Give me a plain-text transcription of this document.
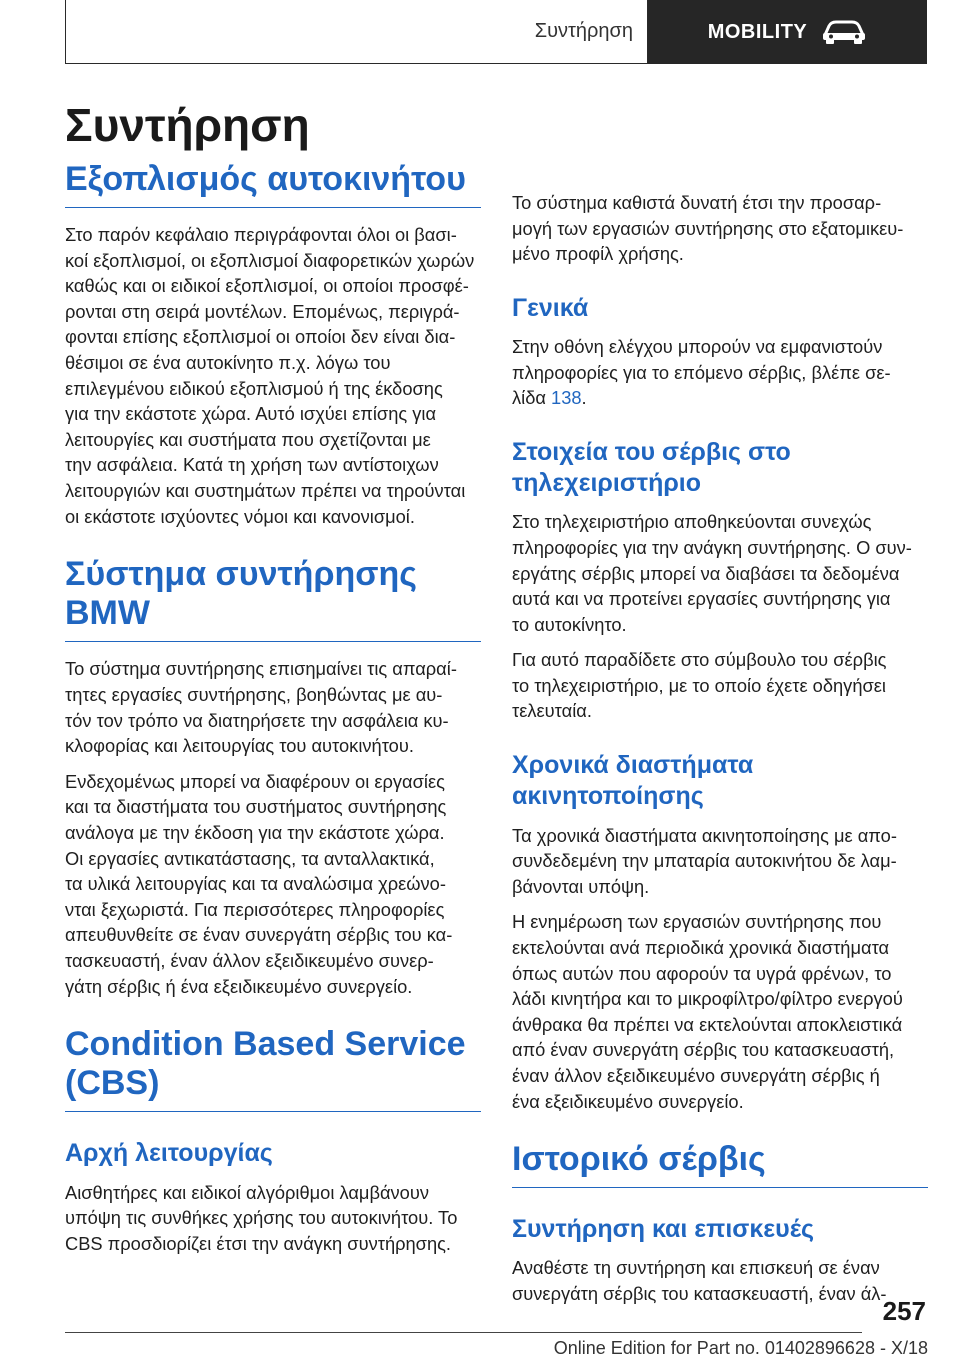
Συντήρηση	MOBILITY
Συντήρηση
Εξοπλισμός αυτοκινήτου

Στο παρόν κεφάλαιο περιγράφονται όλοι οι βασι‐
κοί εξοπλισμοί, οι εξοπλισμοί διαφορετικών χωρών
καθώς και οι ειδικοί εξοπλισμοί, οι οποίοι προσφέ‐
ρονται στη σειρά μοντέλων. Επομένως, περιγρά‐
φονται επίσης εξοπλισμοί οι οποίοι δεν είναι δια‐
θέσιμοι σε ένα αυτοκίνητο π.χ. λόγω του
επιλεγμένου ειδικού εξοπλισμού ή της έκδοσης
για την εκάστοτε χώρα. Αυτό ισχύει επίσης για
λειτουργίες και συστήματα που σχετίζονται με
την ασφάλεια. Κατά τη χρήση των αντίστοιχων
λειτουργιών και συστημάτων πρέπει να τηρούνται
οι εκάστοτε ισχύοντες νόμοι και κανονισμοί.

Σύστημα συντήρησης BMW

Το σύστημα συντήρησης επισημαίνει τις απαραί‐
τητες εργασίες συντήρησης, βοηθώντας με αυ‐
τόν τον τρόπο να διατηρήσετε την ασφάλεια κυ‐
κλοφορίας και λειτουργίας του αυτοκινήτου.

Ενδεχομένως μπορεί να διαφέρουν οι εργασίες
και τα διαστήματα του συστήματος συντήρησης
ανάλογα με την έκδοση για την εκάστοτε χώρα.
Οι εργασίες αντικατάστασης, τα ανταλλακτικά,
τα υλικά λειτουργίας και τα αναλώσιμα χρεώνο‐
νται ξεχωριστά. Για περισσότερες πληροφορίες
απευθυνθείτε σε έναν συνεργάτη σέρβις του κα‐
τασκευαστή, έναν άλλον εξειδικευμένο συνερ‐
γάτη σέρβις ή ένα εξειδικευμένο συνεργείο.

Condition Based Service
(CBS)
Αρχή λειτουργίας

Αισθητήρες και ειδικοί αλγόριθμοι λαμβάνουν
υπόψη τις συνθήκες χρήσης του αυτοκινήτου. Το
CBS προσδιορίζει έτσι την ανάγκη συντήρησης.

Το σύστημα καθιστά δυνατή έτσι την προσαρ‐
μογή των εργασιών συντήρησης στο εξατομικευ‐
μένο προφίλ χρήσης.

Γενικά

Στην οθόνη ελέγχου μπορούν να εμφανιστούν
πληροφορίες για το επόμενο σέρβις, βλέπε σε‐
λίδα 138.

Στοιχεία του σέρβις στο
τηλεχειριστήριο

Στο τηλεχειριστήριο αποθηκεύονται συνεχώς
πληροφορίες για την ανάγκη συντήρησης. Ο συν‐
εργάτης σέρβις μπορεί να διαβάσει τα δεδομένα
αυτά και να προτείνει εργασίες συντήρησης για
το αυτοκίνητο.

Για αυτό παραδίδετε στο σύμβουλο του σέρβις
το τηλεχειριστήριο, με το οποίο έχετε οδηγήσει
τελευταία.

Χρονικά διαστήματα
ακινητοποίησης

Τα χρονικά διαστήματα ακινητοποίησης με απο‐
συνδεδεμένη την μπαταρία αυτοκινήτου δε λαμ‐
βάνονται υπόψη.

Η ενημέρωση των εργασιών συντήρησης που
εκτελούνται ανά περιοδικά χρονικά διαστήματα
όπως αυτών που αφορούν τα υγρά φρένων, το
λάδι κινητήρα και το μικροφίλτρο/φίλτρο ενεργού
άνθρακα θα πρέπει να εκτελούνται αποκλειστικά
από έναν συνεργάτη σέρβις του κατασκευαστή,
έναν άλλον εξειδικευμένο συνεργάτη σέρβις ή
ένα εξειδικευμένο συνεργείο.

Ιστορικό σέρβις
Συντήρηση και επισκευές

Αναθέστε τη συντήρηση και επισκευή σε έναν
συνεργάτη σέρβις του κατασκευαστή, έναν άλ‐

257
Online Edition for Part no. 01402896628 - X/18
